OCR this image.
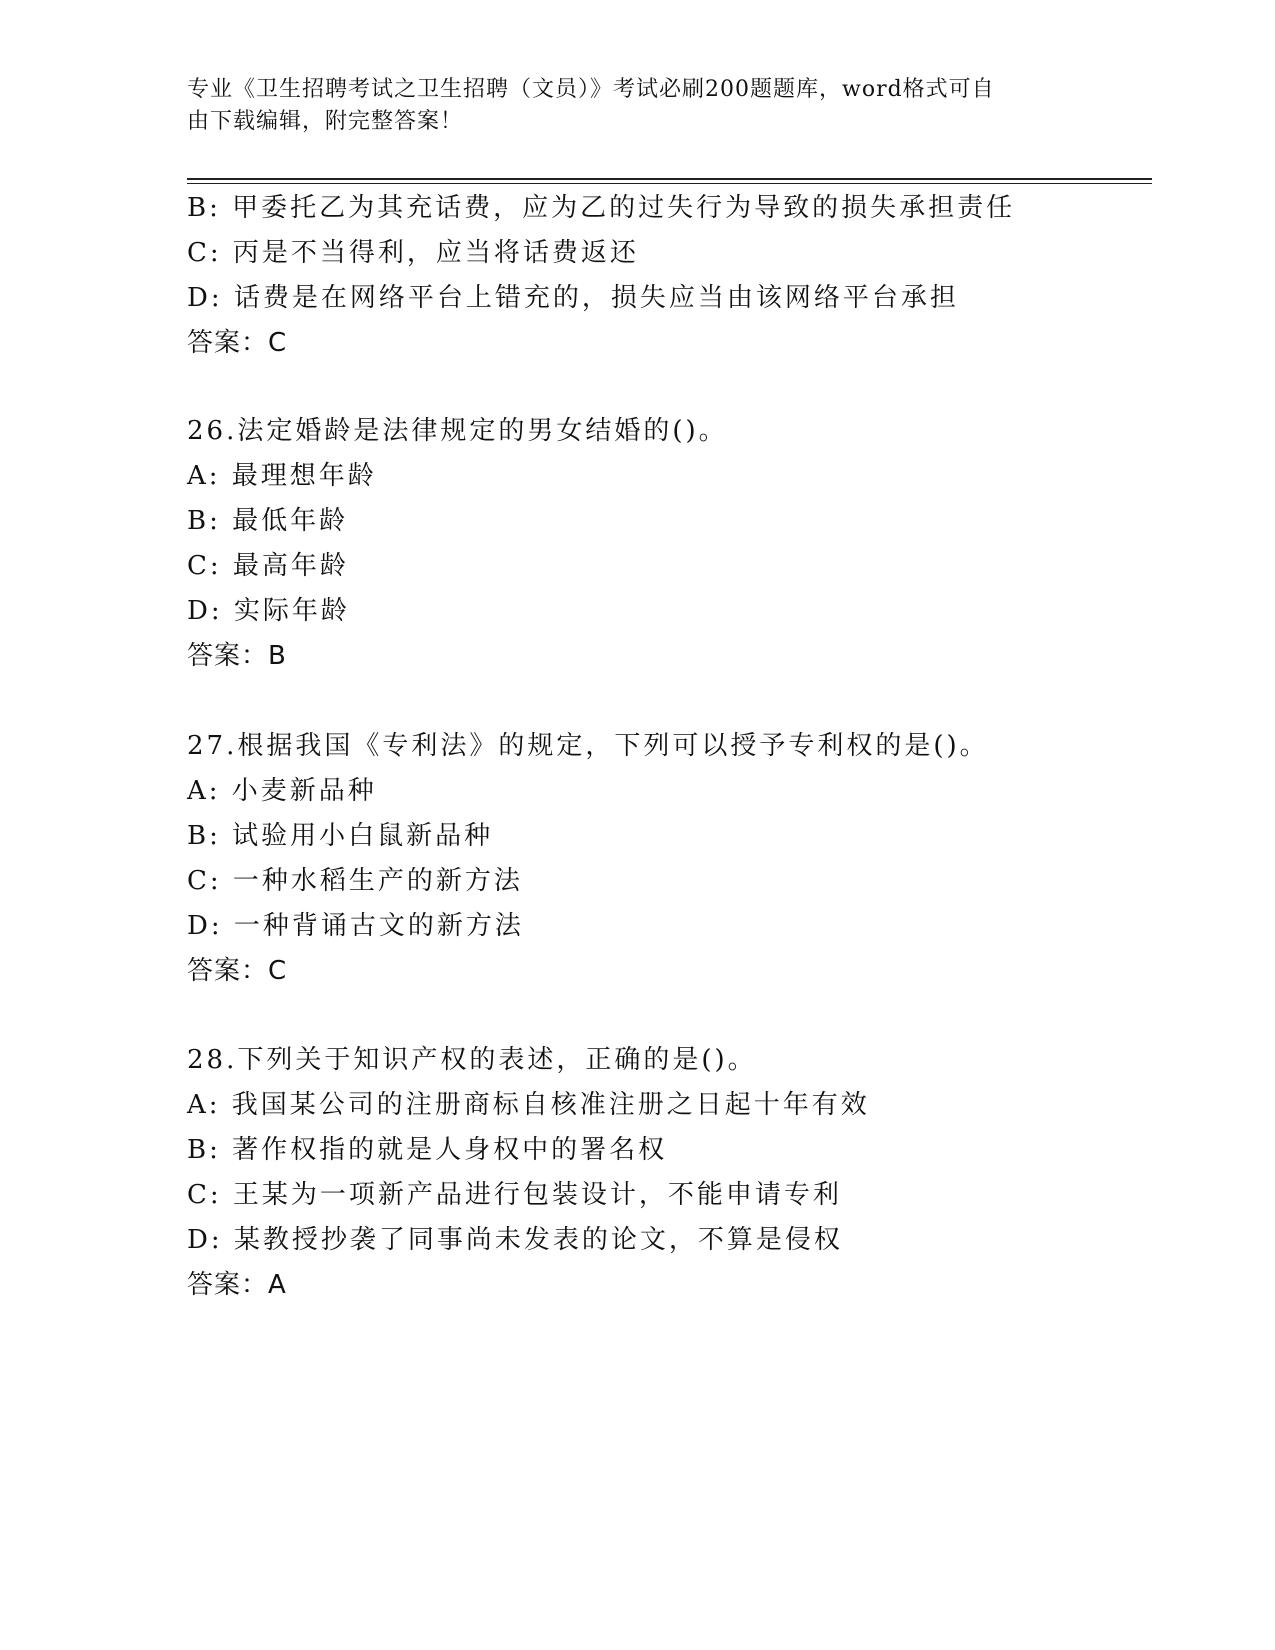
专业《卫生招聘考试之卫生招聘（文员）》考试必刷200题题库，word格式可自
由下载编辑，附完整答案！
B: 甲委托乙为其充话费，应为乙的过失行为导致的损失承担责任
C: 丙是不当得利，应当将话费返还
D: 话费是在网络平台上错充的，损失应当由该网络平台承担
答案：C
26.法定婚龄是法律规定的男女结婚的()。
A: 最理想年龄
B: 最低年龄
C: 最高年龄
D: 实际年龄
答案：B
27.根据我国《专利法》的规定，下列可以授予专利权的是()。
A: 小麦新品种
B: 试验用小白鼠新品种
C: 一种水稻生产的新方法
D: 一种背诵古文的新方法
答案：C
28.下列关于知识产权的表述，正确的是()。
A: 我国某公司的注册商标自核准注册之日起十年有效
B: 著作权指的就是人身权中的署名权
C: 王某为一项新产品进行包装设计，不能申请专利
D: 某教授抄袭了同事尚未发表的论文，不算是侵权
答案：A
